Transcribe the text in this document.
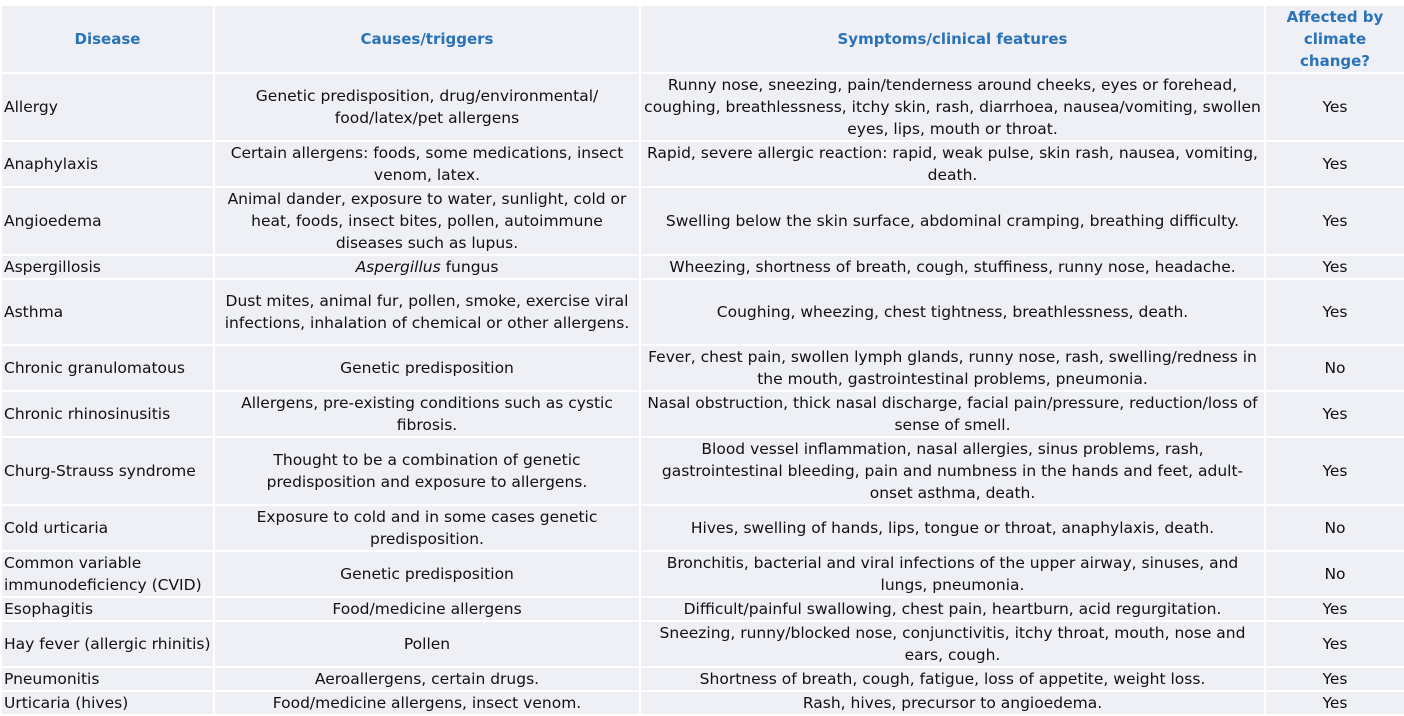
Disease	Causes/triggers	Symptoms/clinical features	Affected by climate change?
Allergy	Genetic predisposition, drug/environmental/ food/latex/pet allergens	Runny nose, sneezing, pain/tenderness around cheeks, eyes or forehead, coughing, breathlessness, itchy skin, rash, diarrhoea, nausea/vomiting, swollen eyes, lips, mouth or throat.	Yes
Anaphylaxis	Certain allergens: foods, some medications, insect venom, latex.	Rapid, severe allergic reaction: rapid, weak pulse, skin rash, nausea, vomiting, death.	Yes
Angioedema	Animal dander, exposure to water, sunlight, cold or heat, foods, insect bites, pollen, autoimmune diseases such as lupus.	Swelling below the skin surface, abdominal cramping, breathing difficulty.	Yes
Aspergillosis	Aspergillus fungus	Wheezing, shortness of breath, cough, stuffiness, runny nose, headache.	Yes
Asthma	Dust mites, animal fur, pollen, smoke, exercise viral infections, inhalation of chemical or other allergens.	Coughing, wheezing, chest tightness, breathlessness, death.	Yes
Chronic granulomatous	Genetic predisposition	Fever, chest pain, swollen lymph glands, runny nose, rash, swelling/redness in the mouth, gastrointestinal problems, pneumonia.	No
Chronic rhinosinusitis	Allergens, pre-existing conditions such as cystic fibrosis.	Nasal obstruction, thick nasal discharge, facial pain/pressure, reduction/loss of sense of smell.	Yes
Churg-Strauss syndrome	Thought to be a combination of genetic predisposition and exposure to allergens.	Blood vessel inflammation, nasal allergies, sinus problems, rash, gastrointestinal bleeding, pain and numbness in the hands and feet, adult-onset asthma, death.	Yes
Cold urticaria	Exposure to cold and in some cases genetic predisposition.	Hives, swelling of hands, lips, tongue or throat, anaphylaxis, death.	No
Common variable immunodeficiency (CVID)	Genetic predisposition	Bronchitis, bacterial and viral infections of the upper airway, sinuses, and lungs, pneumonia.	No
Esophagitis	Food/medicine allergens	Difficult/painful swallowing, chest pain, heartburn, acid regurgitation.	Yes
Hay fever (allergic rhinitis)	Pollen	Sneezing, runny/blocked nose, conjunctivitis, itchy throat, mouth, nose and ears, cough.	Yes
Pneumonitis	Aeroallergens, certain drugs.	Shortness of breath, cough, fatigue, loss of appetite, weight loss.	Yes
Urticaria (hives)	Food/medicine allergens, insect venom.	Rash, hives, precursor to angioedema.	Yes
